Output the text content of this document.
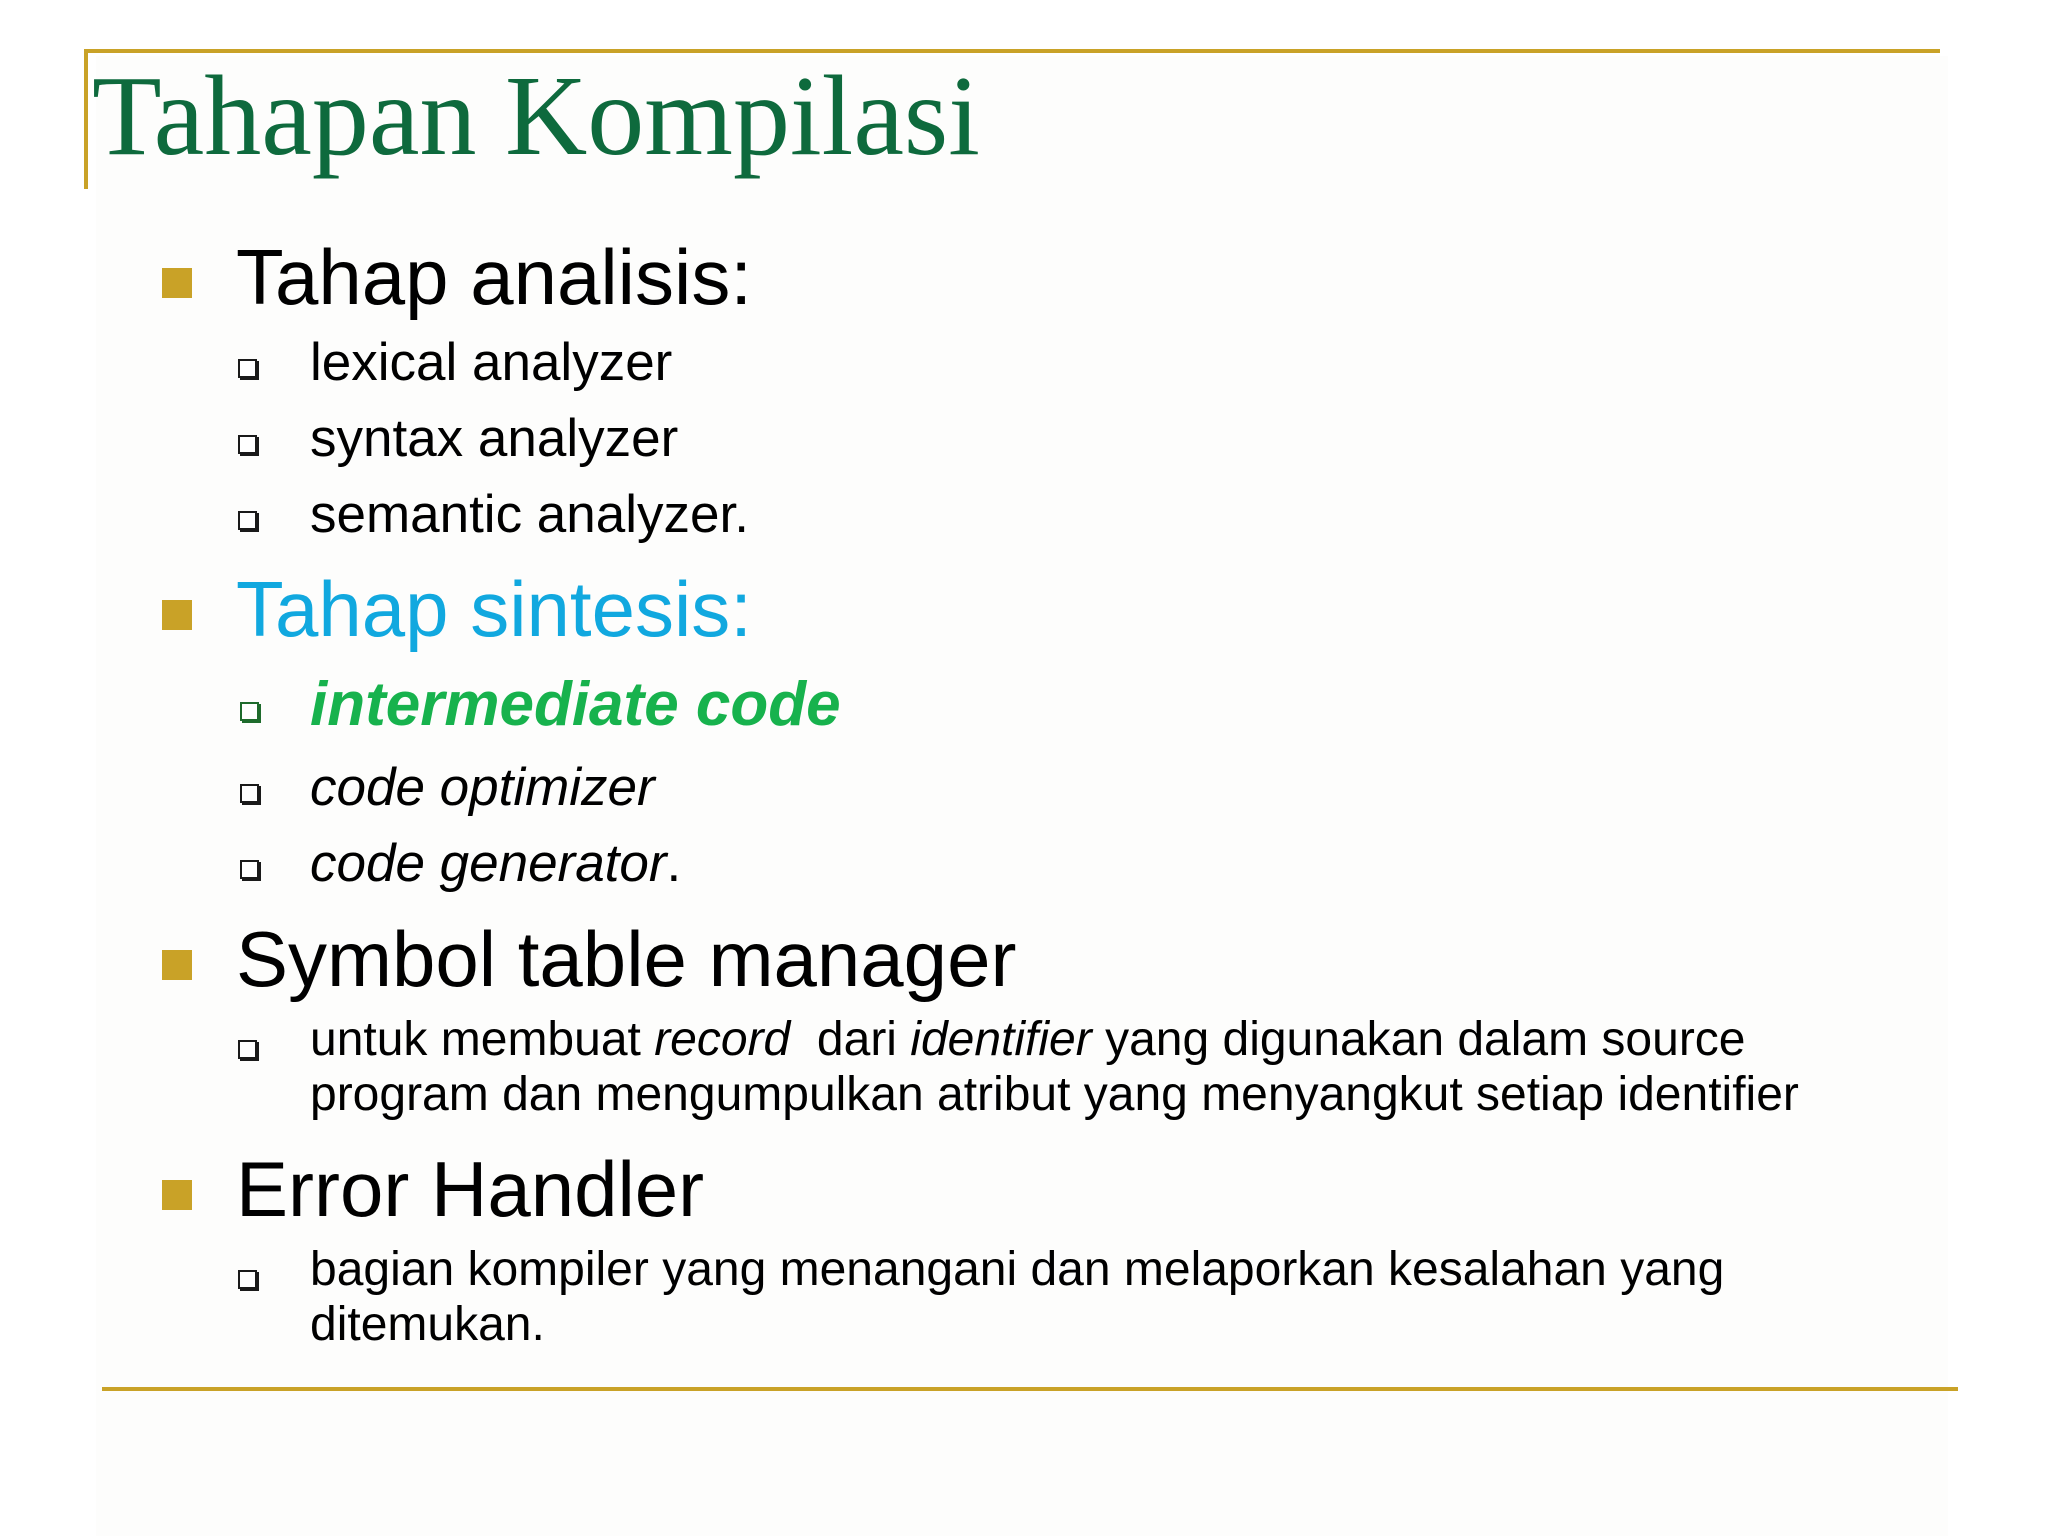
Tahapan Kompilasi

Tahap analisis:

lexical analyzer

syntax analyzer

semantic analyzer.

Tahap sintesis:

intermediate code

code optimizer

code generator.

Symbol table manager

untuk membuat record  dari identifier yang digunakan dalam source
program dan mengumpulkan atribut yang menyangkut setiap identifier

Error Handler

bagian kompiler yang menangani dan melaporkan kesalahan yang
ditemukan.
